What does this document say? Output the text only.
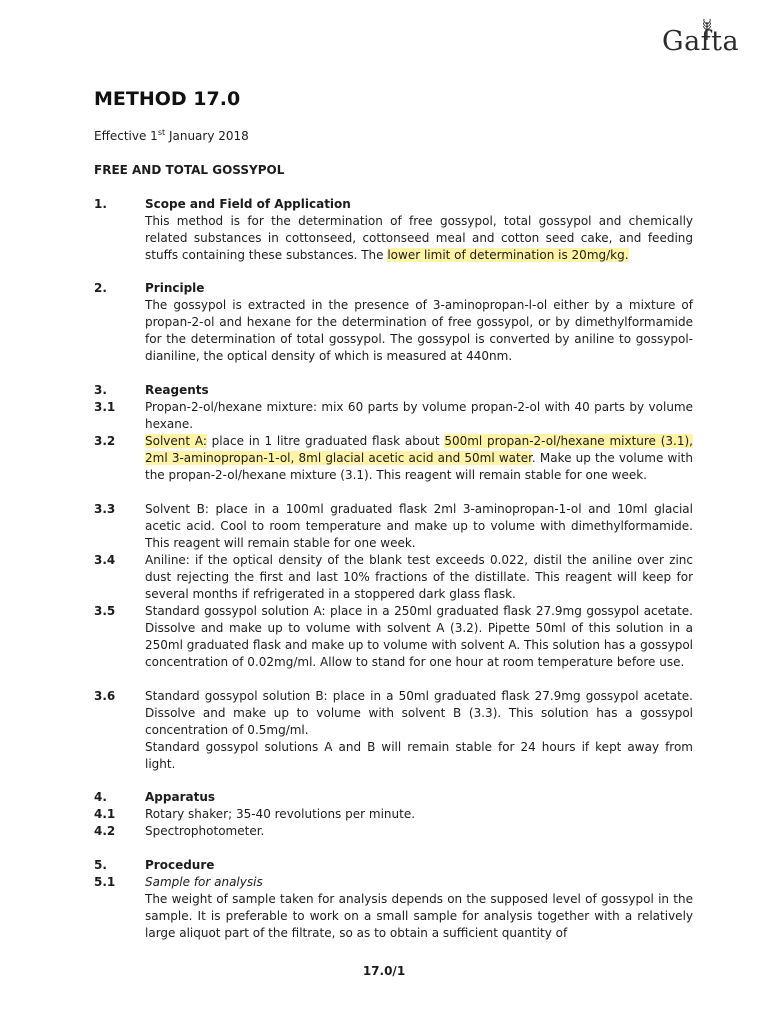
Gafta
METHOD 17.0
Effective 1st January 2018
FREE AND TOTAL GOSSYPOL
1.	Scope and Field of Application
This method is for the determination of free gossypol, total gossypol and chemically related substances in cottonseed, cottonseed meal and cotton seed cake, and feeding stuffs containing these substances. The lower limit of determination is 20mg/kg.
2.	Principle
The gossypol is extracted in the presence of 3-aminopropan-l-ol either by a mixture of propan-2-ol and hexane for the determination of free gossypol, or by dimethylformamide for the determination of total gossypol. The gossypol is converted by aniline to gossypol-dianiline, the optical density of which is measured at 440nm.
3.	Reagents
3.1 Propan-2-ol/hexane mixture: mix 60 parts by volume propan-2-ol with 40 parts by volume hexane.
3.2 Solvent A: place in 1 litre graduated flask about 500ml propan-2-ol/hexane mixture (3.1), 2ml 3-aminopropan-1-ol, 8ml glacial acetic acid and 50ml water. Make up the volume with the propan-2-ol/hexane mixture (3.1). This reagent will remain stable for one week.
3.3 Solvent B: place in a 100ml graduated flask 2ml 3-aminopropan-1-ol and 10ml glacial acetic acid. Cool to room temperature and make up to volume with dimethylformamide. This reagent will remain stable for one week.
3.4 Aniline: if the optical density of the blank test exceeds 0.022, distil the aniline over zinc dust rejecting the first and last 10% fractions of the distillate. This reagent will keep for several months if refrigerated in a stoppered dark glass flask.
3.5 Standard gossypol solution A: place in a 250ml graduated flask 27.9mg gossypol acetate. Dissolve and make up to volume with solvent A (3.2). Pipette 50ml of this solution in a 250ml graduated flask and make up to volume with solvent A. This solution has a gossypol concentration of 0.02mg/ml. Allow to stand for one hour at room temperature before use.
3.6 Standard gossypol solution B: place in a 50ml graduated flask 27.9mg gossypol acetate. Dissolve and make up to volume with solvent B (3.3). This solution has a gossypol concentration of 0.5mg/ml.
Standard gossypol solutions A and B will remain stable for 24 hours if kept away from light.
4.	Apparatus
4.1 Rotary shaker; 35-40 revolutions per minute.
4.2 Spectrophotometer.
5.	Procedure
5.1 Sample for analysis
The weight of sample taken for analysis depends on the supposed level of gossypol in the sample. It is preferable to work on a small sample for analysis together with a relatively large aliquot part of the filtrate, so as to obtain a sufficient quantity of
17.0/1
